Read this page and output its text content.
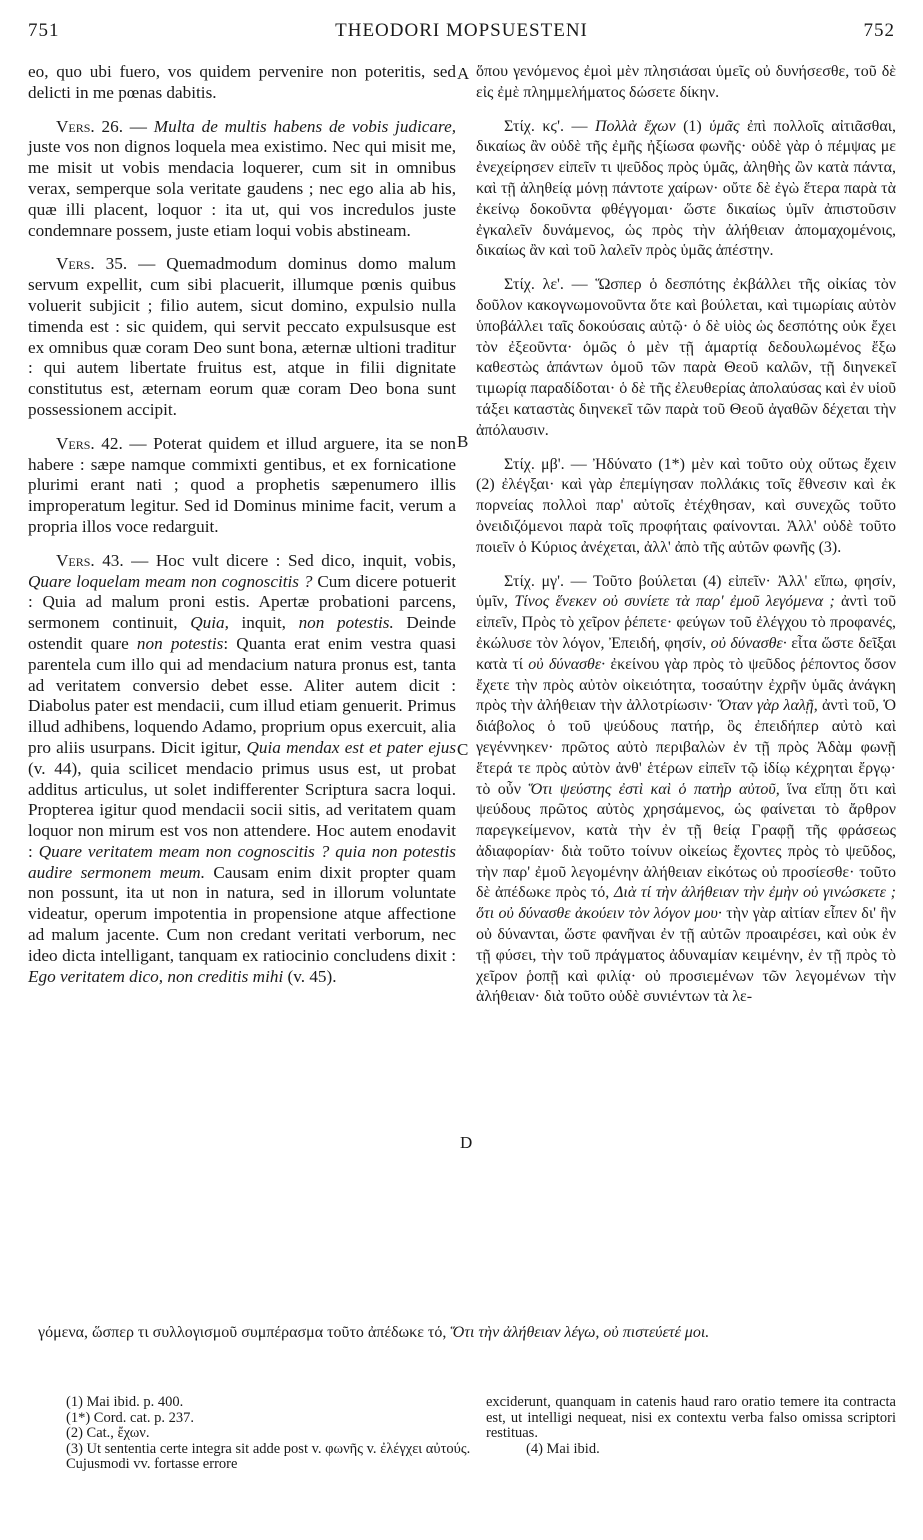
751	THEODORI MOPSUESTENI	752

eo, quo ubi fuero, vos quidem pervenire non poteritis, sed delicti in me pœnas dabitis.

Vers. 26. — Multa de multis habens de vobis judicare, juste vos non dignos loquela mea existimo. Nec qui misit me, me misit ut vobis mendacia loquerer, cum sit in omnibus verax, semperque sola veritate gaudens ; nec ego alia ab his, quæ illi placent, loquor : ita ut, qui vos incredulos juste condemnare possem, juste etiam loqui vobis abstineam.

Vers. 35. — Quemadmodum dominus domo malum servum expellit, cum sibi placuerit, illumque pœnis quibus voluerit subjicit ; filio autem, sicut domino, expulsio nulla timenda est : sic quidem, qui servit peccato expulsusque est ex omnibus quæ coram Deo sunt bona, æternæ ultioni traditur : qui autem libertate fruitus est, atque in filii dignitate constitutus est, æternam eorum quæ coram Deo bona sunt possessionem accipit.

Vers. 42. — Poterat quidem et illud arguere, ita se non habere : sæpe namque commixti gentibus, et ex fornicatione plurimi erant nati ; quod a prophetis sæpenumero illis improperatum legitur. Sed id Dominus minime facit, verum a propria illos voce redarguit.

Vers. 43. — Hoc vult dicere : Sed dico, inquit, vobis, Quare loquelam meam non cognoscitis ? Cum dicere potuerit : Quia ad malum proni estis. Apertæ probationi parcens, sermonem continuit, Quia, inquit, non potestis. Deinde ostendit quare non potestis: Quanta erat enim vestra quasi parentela cum illo qui ad mendacium natura pronus est, tanta ad veritatem conversio debet esse. Aliter autem dicit : Diabolus pater est mendacii, cum illud etiam genuerit. Primus illud adhibens, loquendo Adamo, proprium opus exercuit, alia pro aliis usurpans. Dicit igitur, Quia mendax est et pater ejus (v. 44), quia scilicet mendacio primus usus est, ut probat additus articulus, ut solet indifferenter Scriptura sacra loqui. Propterea igitur quod mendacii socii sitis, ad veritatem quam loquor non mirum est vos non attendere. Hoc autem enodavit : Quare veritatem meam non cognoscitis ? quia non potestis audire sermonem meum. Causam enim dixit propter quam non possunt, ita ut non in natura, sed in illorum voluntate videatur, operum impotentia in propensione atque affectione ad malum jacente. Cum non credant veritati verborum, nec ideo dicta intelligant, tanquam ex ratiocinio concludens dixit : Ego veritatem dico, non creditis mihi (v. 45).

A
B
C
D

ὅπου γενόμενος ἐμοὶ μὲν πλησιάσαι ὑμεῖς οὐ δυνήσεσθε, τοῦ δὲ εἰς ἐμὲ πλημμελήματος δώσετε δίκην.

Στίχ. κϛ'. — Πολλὰ ἔχων (1) ὑμᾶς ἐπὶ πολλοῖς αἰτιᾶσθαι, δικαίως ἂν οὐδὲ τῆς ἐμῆς ἠξίωσα φωνῆς· οὐδὲ γὰρ ὁ πέμψας με ἐνεχείρησεν εἰπεῖν τι ψεῦδος πρὸς ὑμᾶς, ἀληθὴς ὢν κατὰ πάντα, καὶ τῇ ἀληθείᾳ μόνῃ πάντοτε χαίρων· οὔτε δὲ ἐγὼ ἕτερα παρὰ τὰ ἐκείνῳ δοκοῦντα φθέγγομαι· ὥστε δικαίως ὑμῖν ἀπιστοῦσιν ἐγκαλεῖν δυνάμενος, ὡς πρὸς τὴν ἀλήθειαν ἀπομαχομένοις, δικαίως ἂν καὶ τοῦ λαλεῖν πρὸς ὑμᾶς ἀπέστην.

Στίχ. λε'. — Ὥσπερ ὁ δεσπότης ἐκβάλλει τῆς οἰκίας τὸν δοῦλον κακογνωμονοῦντα ὅτε καὶ βούλεται, καὶ τιμωρίαις αὐτὸν ὑποβάλλει ταῖς δοκούσαις αὐτῷ· ὁ δὲ υἱὸς ὡς δεσπότης οὐκ ἔχει τὸν ἐξεοῦντα· ὁμῶς ὁ μὲν τῇ ἁμαρτίᾳ δεδουλωμένος ἔξω καθεστὼς ἁπάντων ὁμοῦ τῶν παρὰ Θεοῦ καλῶν, τῇ διηνεκεῖ τιμωρίᾳ παραδίδοται· ὁ δὲ τῆς ἐλευθερίας ἀπολαύσας καὶ ἐν υἱοῦ τάξει καταστὰς διηνεκεῖ τῶν παρὰ τοῦ Θεοῦ ἀγαθῶν δέχεται τὴν ἀπόλαυσιν.

Στίχ. μβ'. — Ἠδύνατο (1*) μὲν καὶ τοῦτο οὐχ οὕτως ἔχειν (2) ἐλέγξαι· καὶ γὰρ ἐπεμίγησαν πολλάκις τοῖς ἔθνεσιν καὶ ἐκ πορνείας πολλοὶ παρ' αὐτοῖς ἐτέχθησαν, καὶ συνεχῶς τοῦτο ὀνειδιζόμενοι παρὰ τοῖς προφήταις φαίνονται. Ἀλλ' οὐδὲ τοῦτο ποιεῖν ὁ Κύριος ἀνέχεται, ἀλλ' ἀπὸ τῆς αὐτῶν φωνῆς (3).

Στίχ. μγ'. — Τοῦτο βούλεται (4) εἰπεῖν· Ἀλλ' εἴπω, φησίν, ὑμῖν, Τίνος ἕνεκεν οὐ συνίετε τὰ παρ' ἐμοῦ λεγόμενα ; ἀντὶ τοῦ εἰπεῖν, Πρὸς τὸ χεῖρον ῥέπετε· φεύγων τοῦ ἐλέγχου τὸ προφανές, ἐκώλυσε τὸν λόγον, Ἐπειδή, φησίν, οὐ δύνασθε· εἶτα ὥστε δεῖξαι κατὰ τί οὐ δύνασθε· ἐκείνου γὰρ πρὸς τὸ ψεῦδος ῥέποντος ὅσον ἔχετε τὴν πρὸς αὐτὸν οἰκειότητα, τοσαύτην ἐχρῆν ὑμᾶς ἀνάγκη πρὸς τὴν ἀλήθειαν τὴν ἀλλοτρίωσιν· Ὅταν γὰρ λαλῇ, ἀντὶ τοῦ, Ὁ διάβολος ὁ τοῦ ψεύδους πατήρ, ὃς ἐπειδήπερ αὐτὸ καὶ γεγέννηκεν· πρῶτος αὐτὸ περιβαλὼν ἐν τῇ πρὸς Ἀδὰμ φωνῇ ἕτερά τε πρὸς αὐτὸν ἀνθ' ἑτέρων εἰπεῖν τῷ ἰδίῳ κέχρηται ἔργῳ· τὸ οὖν Ὅτι ψεύστης ἐστὶ καὶ ὁ πατὴρ αὐτοῦ, ἵνα εἴπῃ ὅτι καὶ ψεύδους πρῶτος αὐτὸς χρησάμενος, ὡς φαίνεται τὸ ἄρθρον παρεγκείμενον, κατὰ τὴν ἐν τῇ θείᾳ Γραφῇ τῆς φράσεως ἀδιαφορίαν· διὰ τοῦτο τοίνυν οἰκείως ἔχοντες πρὸς τὸ ψεῦδος, τὴν παρ' ἐμοῦ λεγομένην ἀλήθειαν εἰκότως οὐ προσίεσθε· τοῦτο δὲ ἀπέδωκε πρὸς τό, Διὰ τί τὴν ἀλήθειαν τὴν ἐμὴν οὐ γινώσκετε ; ὅτι οὐ δύνασθε ἀκούειν τὸν λόγον μου· τὴν γὰρ αἰτίαν εἶπεν δι' ἣν οὐ δύνανται, ὥστε φανῆναι ἐν τῇ αὐτῶν προαιρέσει, καὶ οὐκ ἐν τῇ φύσει, τὴν τοῦ πράγματος ἀδυναμίαν κειμένην, ἐν τῇ πρὸς τὸ χεῖρον ῥοπῇ καὶ φιλίᾳ· οὐ προσιεμένων τῶν λεγομένων τὴν ἀλήθειαν· διὰ τοῦτο οὐδὲ συνιέντων τὰ λε-

γόμενα, ὥσπερ τι συλλογισμοῦ συμπέρασμα τοῦτο ἀπέδωκε τό, Ὅτι τὴν ἀλήθειαν λέγω, οὐ πιστεύετέ μοι.
(1) Mai ibid. p. 400.
(1*) Cord. cat. p. 237.
(2) Cat., ἔχων.
(3) Ut sententia certe integra sit adde post v. φωνῆς v. ἐλέγχει αὐτούς. Cujusmodi vv. fortasse errore
exciderunt, quanquam in catenis haud raro oratio temere ita contracta est, ut intelligi nequeat, nisi ex contextu verba falso omissa scriptori restituas.
(4) Mai ibid.
